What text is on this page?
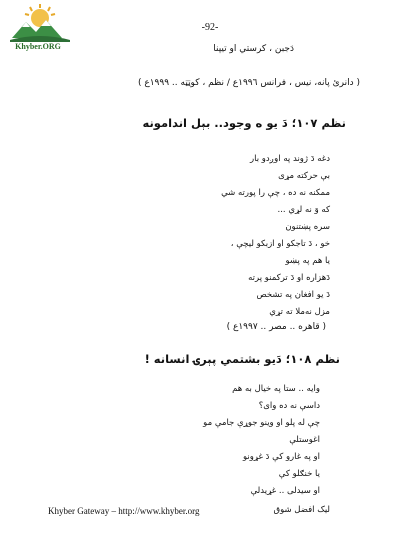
Khyber.ORG
-92-
دَجبن ، کرستي او تيپنا
( دانرئ پانه‌، نيس ، فرانس ١٩٩٦ع / نظم ، کوټټه .. ١٩٩٩ع )
نظم ١٠٧؛ دَ يو ه وجود.. بېل اندامونه
دغه دَ ژوند په اوږدو بار
بې حرکته مړی
ممکنه نه ده ، چې را پورته شي
که وَ نه لړي ...
سره پښتنون
خو ، دَ تاجکو او ازبکو ليچې ،
يا هم په پښو
دَهزاره او دَ ترکمنو پرته
دَ يو افغان په تشخص
مزل نه‌ملا ته تړي
( قاهره .. مصر .. ١٩٩٧ع )
نظم ١٠٨؛ دَيو بشتمي پېرۍ انسانه !
وايه .. ستا په خيال به هم
داسې نه ده وای؟
چې له پلو او وينو جوړې جامې مو
اغوستلې
او په غارو کې دَ غړونو
يا خنګلو کې
او سيدلی .. غړيدلې
Khyber Gateway – http://www.khyber.org	لیک افضل شوق
